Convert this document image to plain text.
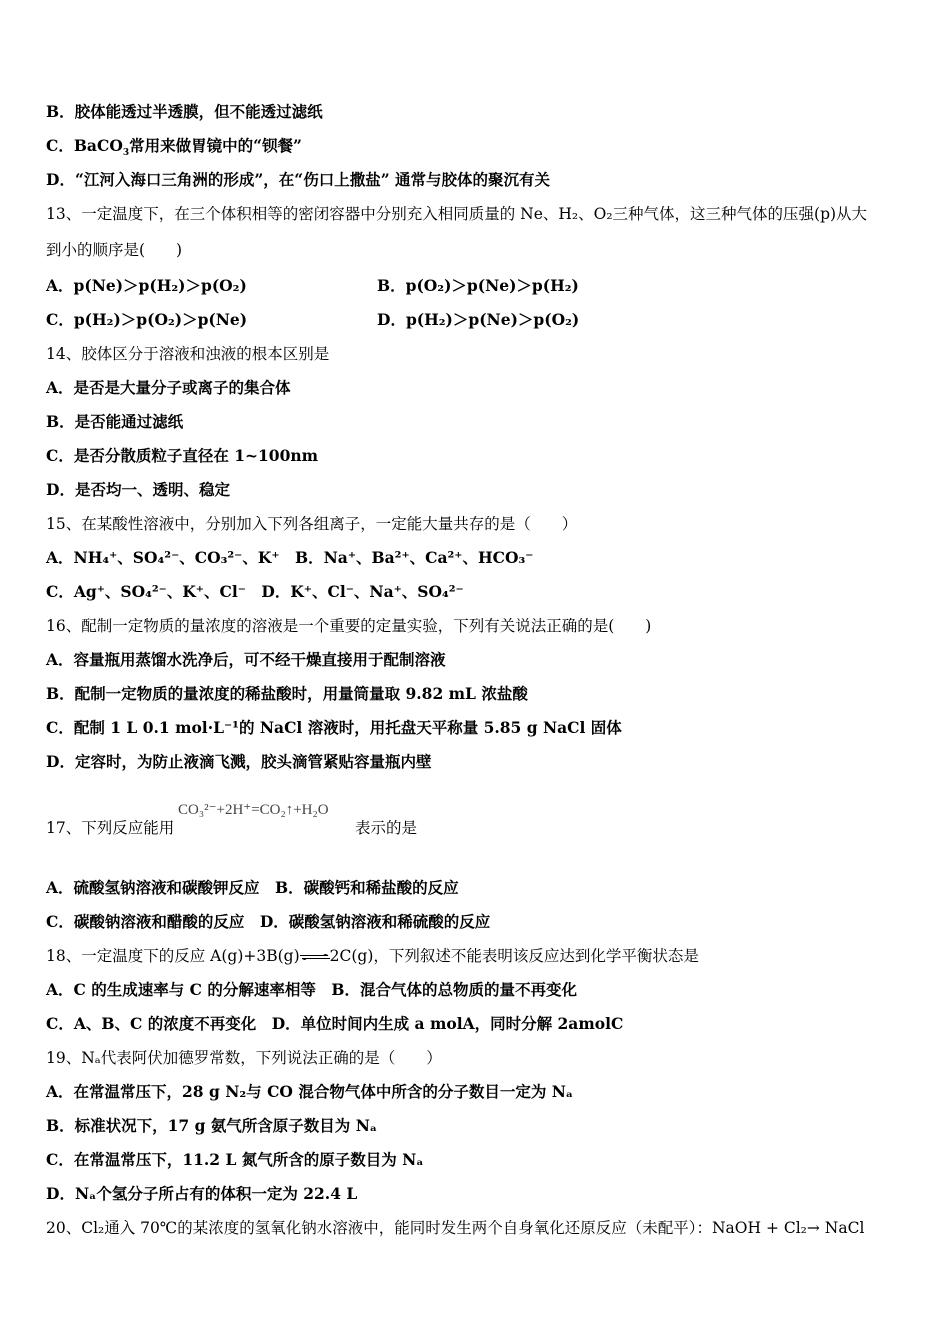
B．胶体能透过半透膜，但不能透过滤纸
C．BaCO$_3$常用来做胃镜中的“钡餐”
D．“江河入海口三角洲的形成”，在“伤口上撒盐” 通常与胶体的聚沉有关
13、一定温度下，在三个体积相等的密闭容器中分别充入相同质量的 Ne、H₂、O₂三种气体，这三种气体的压强(p)从大
到小的顺序是(　　)
A．p(Ne)＞p(H₂)＞p(O₂)	B．p(O₂)＞p(Ne)＞p(H₂)
C．p(H₂)＞p(O₂)＞p(Ne)	D．p(H₂)＞p(Ne)＞p(O₂)
14、胶体区分于溶液和浊液的根本区别是
A．是否是大量分子或离子的集合体
B．是否能通过滤纸
C．是否分散质粒子直径在 1~100nm
D．是否均一、透明、稳定
15、在某酸性溶液中，分别加入下列各组离子，一定能大量共存的是（　　）
A．NH₄⁺、SO₄²⁻、CO₃²⁻、K⁺　B．Na⁺、Ba²⁺、Ca²⁺、HCO₃⁻
C．Ag⁺、SO₄²⁻、K⁺、Cl⁻　D．K⁺、Cl⁻、Na⁺、SO₄²⁻
16、配制一定物质的量浓度的溶液是一个重要的定量实验，下列有关说法正确的是(　　)
A．容量瓶用蒸馏水洗净后，可不经干燥直接用于配制溶液
B．配制一定物质的量浓度的稀盐酸时，用量筒量取 9.82 mL 浓盐酸
C．配制 1 L 0.1 mol·L⁻¹的 NaCl 溶液时，用托盘天平称量 5.85 g NaCl 固体
D．定容时，为防止液滴飞溅，胶头滴管紧贴容量瓶内壁
17、下列反应能用
CO₃²⁻+2H⁺=CO₂↑+H₂O
表示的是
A．硫酸氢钠溶液和碳酸钾反应　B．碳酸钙和稀盐酸的反应
C．碳酸钠溶液和醋酸的反应　D．碳酸氢钠溶液和稀硫酸的反应
18、一定温度下的反应 A(g)+3B(g)⇌2C(g)，下列叙述不能表明该反应达到化学平衡状态是
A．C 的生成速率与 C 的分解速率相等　B．混合气体的总物质的量不再变化
C．A、B、C 的浓度不再变化　D．单位时间内生成 a molA，同时分解 2amolC
19、Nₐ代表阿伏加德罗常数，下列说法正确的是（　　）
A．在常温常压下，28 g N₂与 CO 混合物气体中所含的分子数目一定为 Nₐ
B．标准状况下，17 g 氨气所含原子数目为 Nₐ
C．在常温常压下，11.2 L 氮气所含的原子数目为 Nₐ
D．Nₐ个氢分子所占有的体积一定为 22.4 L
20、Cl₂通入 70℃的某浓度的氢氧化钠水溶液中，能同时发生两个自身氧化还原反应（未配平）：NaOH + Cl₂→ NaCl
